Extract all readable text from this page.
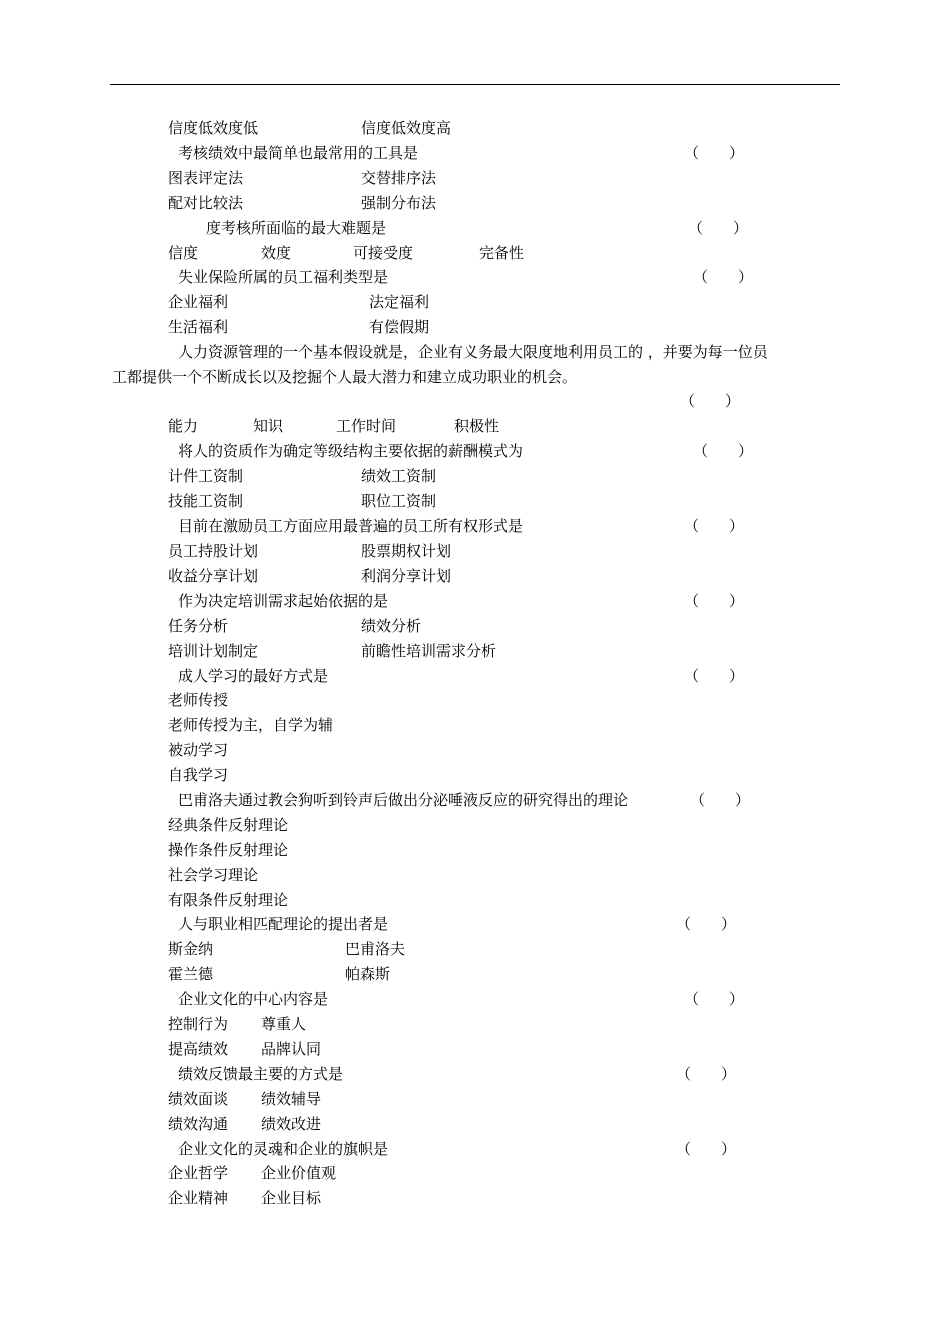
信度低效度低	信度低效度高
考核绩效中最简单也最常用的工具是	（　　）
图表评定法	交替排序法
配对比较法	强制分布法
度考核所面临的最大难题是	（　　）
信度	效度	可接受度	完备性
失业保险所属的员工福利类型是	（　　）
企业福利	法定福利
生活福利	有偿假期
人力资源管理的一个基本假设就是，企业有义务最大限度地利用员工的 ，并要为每一位员
工都提供一个不断成长以及挖掘个人最大潜力和建立成功职业的机会。
（　　）
能力	知识	工作时间	积极性
将人的资质作为确定等级结构主要依据的薪酬模式为	（　　）
计件工资制	绩效工资制
技能工资制	职位工资制
目前在激励员工方面应用最普遍的员工所有权形式是	（　　）
员工持股计划	股票期权计划
收益分享计划	利润分享计划
作为决定培训需求起始依据的是	（　　）
任务分析	绩效分析
培训计划制定	前瞻性培训需求分析
成人学习的最好方式是	（　　）
老师传授
老师传授为主，自学为辅
被动学习
自我学习
巴甫洛夫通过教会狗听到铃声后做出分泌唾液反应的研究得出的理论	（　　）
经典条件反射理论
操作条件反射理论
社会学习理论
有限条件反射理论
人与职业相匹配理论的提出者是	（　　）
斯金纳	巴甫洛夫
霍兰德	帕森斯
企业文化的中心内容是	（　　）
控制行为 尊重人
提高绩效 品牌认同
绩效反馈最主要的方式是	（　　）
绩效面谈 绩效辅导
绩效沟通 绩效改进
企业文化的灵魂和企业的旗帜是	（　　）
企业哲学 企业价值观
企业精神 企业目标
